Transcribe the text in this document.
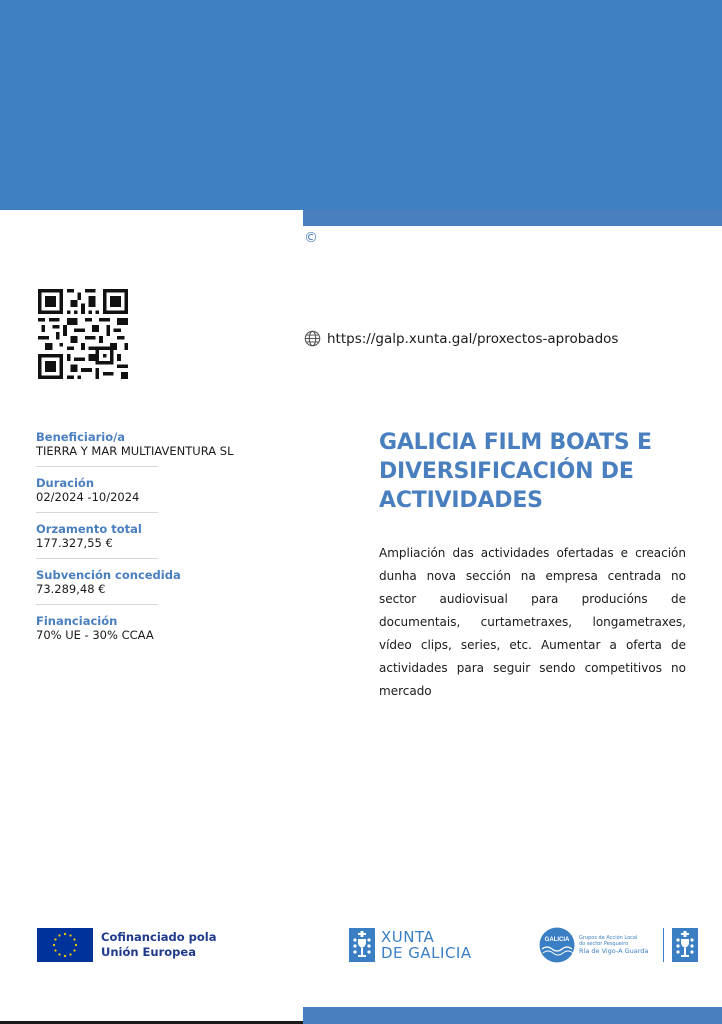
©
https://galp.xunta.gal/proxectos-aprobados
Beneficiario/a
TIERRA Y MAR MULTIAVENTURA SL
Duración
02/2024 -10/2024
Orzamento total
177.327,55 €
Subvención concedida
73.289,48 €
Financiación
70% UE - 30% CCAA
GALICIA FILM BOATS E DIVERSIFICACIÓN DE ACTIVIDADES

Ampliación das actividades ofertadas e creación dunha nova sección na empresa centrada no sector audiovisual para producións de documentais, curtametraxes, longametraxes, vídeo clips, series, etc. Aumentar a oferta de actividades para seguir sendo competitivos no mercado

Cofinanciado pola
Unión Europea
XUNTA
DE GALICIA
GALICIA Grupos de Acción Local
do sector Pesqueiro
Ría de Vigo-A Guarda
